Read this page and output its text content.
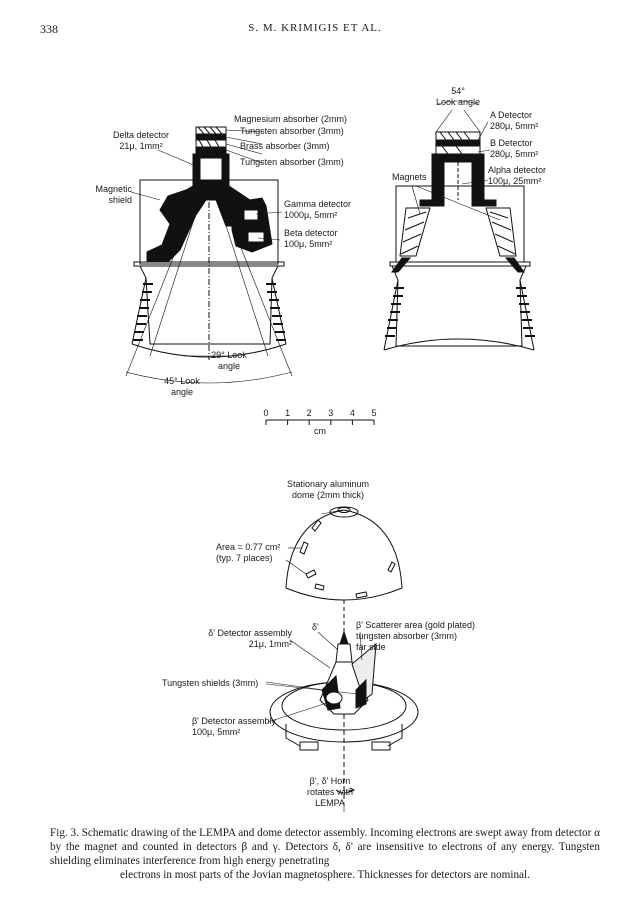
338	S. M. KRIMIGIS ET AL.
Magnesium absorber (2mm)
Tungsten absorber (3mm)
Brass absorber (3mm)
Tungsten absorber (3mm)
Delta detector
21μ, 1mm²
Magnetic
shield	Gamma detector
1000μ, 5mm²
Beta detector
100μ, 5mm²
29° Look
angle
45° Look
angle
54°
Look angle
A Detector
280μ, 5mm²
B Detector
280μ, 5mm²
Alpha detector
100μ, 25mm²
Magnets
0	1	2	3	4	5
cm
Stationary aluminum
dome (2mm thick)
Area = 0.77 cm²
(typ. 7 places)
δ' Detector assembly
21μ, 1mm²
δ'	β' Scatterer area (gold plated)
tungsten absorber (3mm)
far side
Tungsten shields (3mm)
β' Detector assembly
100μ, 5mm²
β', δ' Horn
rotates with
LEMPA
Fig. 3. Schematic drawing of the LEMPA and dome detector assembly. Incoming electrons are swept away from detector α by the magnet and counted in detectors β and γ. Detectors δ, δ' are insensitive to electrons of any energy. Tungsten shielding eliminates interference from high energy penetrating
electrons in most parts of the Jovian magnetosphere. Thicknesses for detectors are nominal.
